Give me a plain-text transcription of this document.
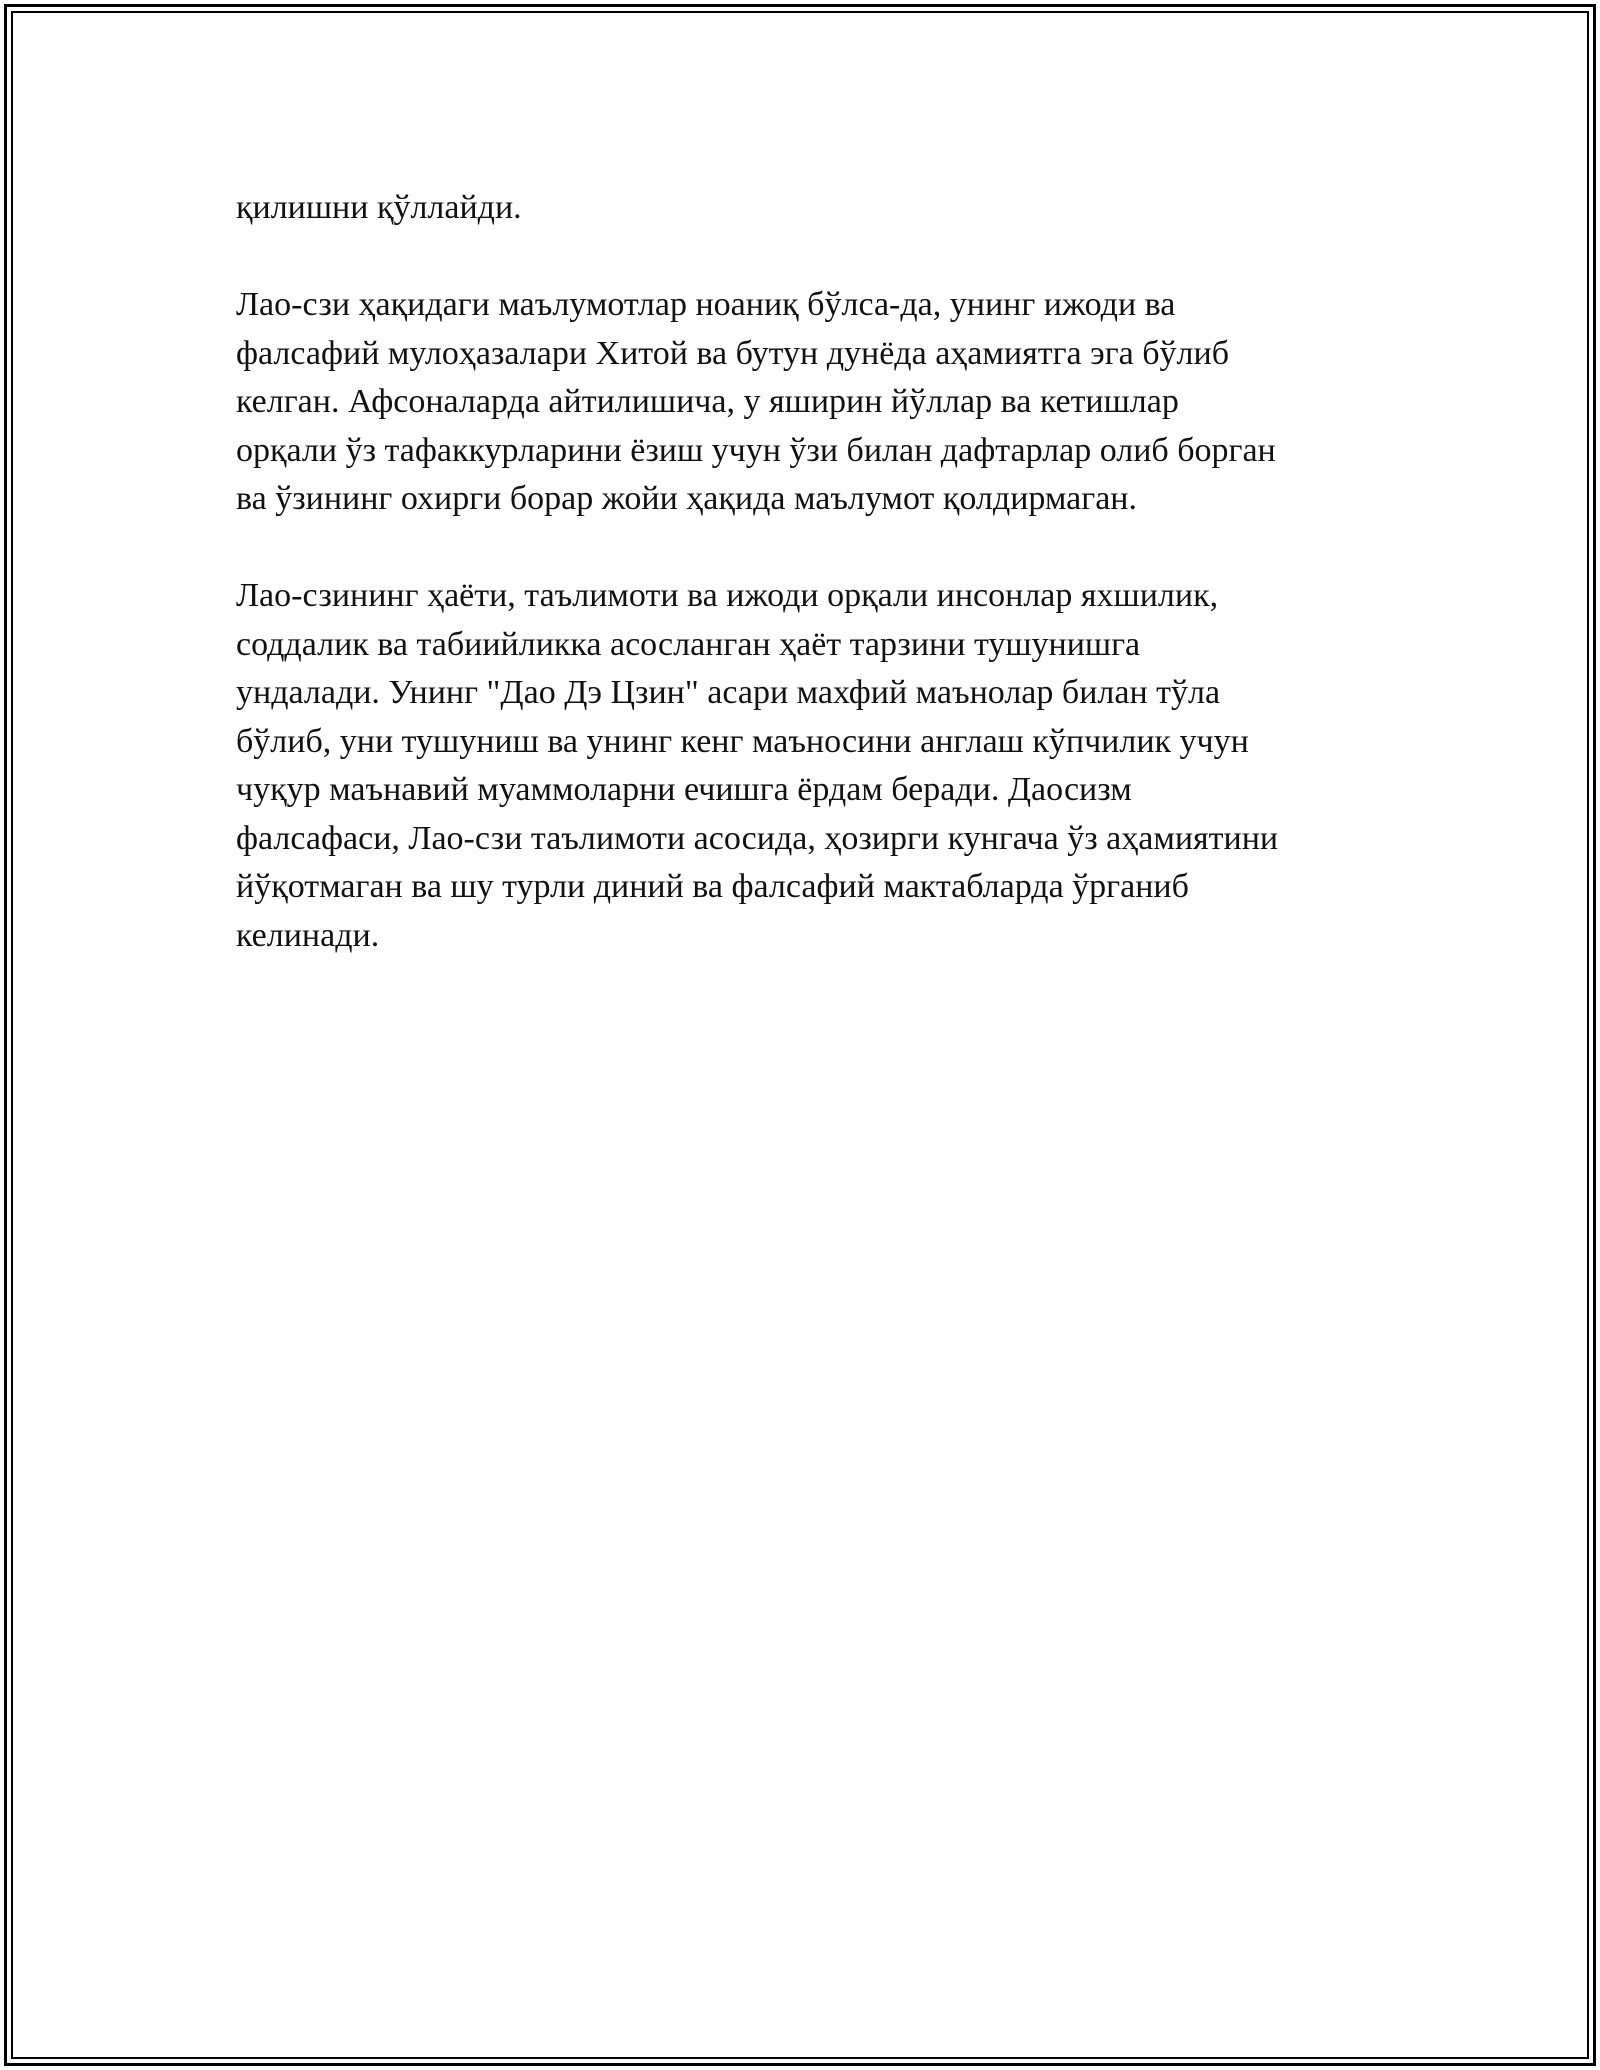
қилишни қўллайди.

Лао-сзи ҳақидаги маълумотлар ноаниқ бўлса-да, унинг ижоди ва
фалсафий мулоҳазалари Хитой ва бутун дунёда аҳамиятга эга бўлиб
келган. Афсоналарда айтилишича, у яширин йўллар ва кетишлар
орқали ўз тафаккурларини ёзиш учун ўзи билан дафтарлар олиб борган
ва ўзининг охирги борар жойи ҳақида маълумот қолдирмаган.

Лао-сзининг ҳаёти, таълимоти ва ижоди орқали инсонлар яхшилик,
соддалик ва табиийликка асосланган ҳаёт тарзини тушунишга
ундалади. Унинг "Дао Дэ Цзин" асари махфий маънолар билан тўла
бўлиб, уни тушуниш ва унинг кенг маъносини англаш кўпчилик учун
чуқур маънавий муаммоларни ечишга ёрдам беради. Даосизм
фалсафаси, Лао-сзи таълимоти асосида, ҳозирги кунгача ўз аҳамиятини
йўқотмаган ва шу турли диний ва фалсафий мактабларда ўрганиб
келинади.
